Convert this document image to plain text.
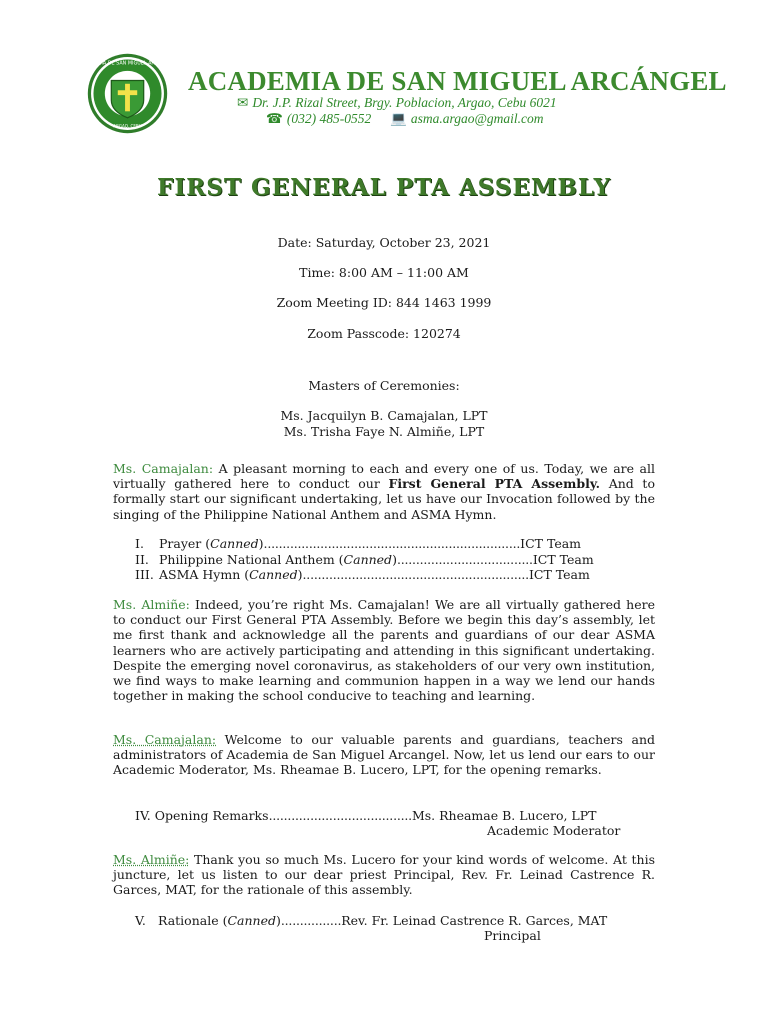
ACADEMIA DE SAN MIGUEL ARCANGEL
ARGAO, CEBU
ACADEMIA DE SAN MIGUEL ARCÁNGEL
✉ Dr. J.P. Rizal Street, Brgy. Poblacion, Argao, Cebu 6021
☎ (032) 485-0552 💻 asma.argao@gmail.com
FIRST GENERAL PTA ASSEMBLY
Date: Saturday, October 23, 2021
Time: 8:00 AM – 11:00 AM
Zoom Meeting ID: 844 1463 1999
Zoom Passcode: 120274
Masters of Ceremonies:
Ms. Jacquilyn B. Camajalan, LPT
Ms. Trisha Faye N. Almiñe, LPT
Ms. Camajalan: A pleasant morning to each and every one of us. Today, we are all virtually gathered here to conduct our First General PTA Assembly. And to formally start our significant undertaking, let us have our Invocation followed by the singing of the Philippine National Anthem and ASMA Hymn.
I. Prayer (Canned)....................................................................ICT Team
II. Philippine National Anthem (Canned)....................................ICT Team
III. ASMA Hymn (Canned)............................................................ICT Team
Ms. Almiñe: Indeed, you’re right Ms. Camajalan! We are all virtually gathered here to conduct our First General PTA Assembly. Before we begin this day’s assembly, let me first thank and acknowledge all the parents and guardians of our dear ASMA learners who are actively participating and attending in this significant undertaking. Despite the emerging novel coronavirus, as stakeholders of our very own institution, we find ways to make learning and communion happen in a way we lend our hands together in making the school conducive to teaching and learning.
Ms. Camajalan: Welcome to our valuable parents and guardians, teachers and administrators of Academia de San Miguel Arcangel. Now, let us lend our ears to our Academic Moderator, Ms. Rheamae B. Lucero, LPT, for the opening remarks.
IV. Opening Remarks......................................Ms. Rheamae B. Lucero, LPT
Academic Moderator
Ms. Almiñe: Thank you so much Ms. Lucero for your kind words of welcome. At this juncture, let us listen to our dear priest Principal, Rev. Fr. Leinad Castrence R. Garces, MAT, for the rationale of this assembly.
V. Rationale (Canned)................Rev. Fr. Leinad Castrence R. Garces, MAT
Principal
